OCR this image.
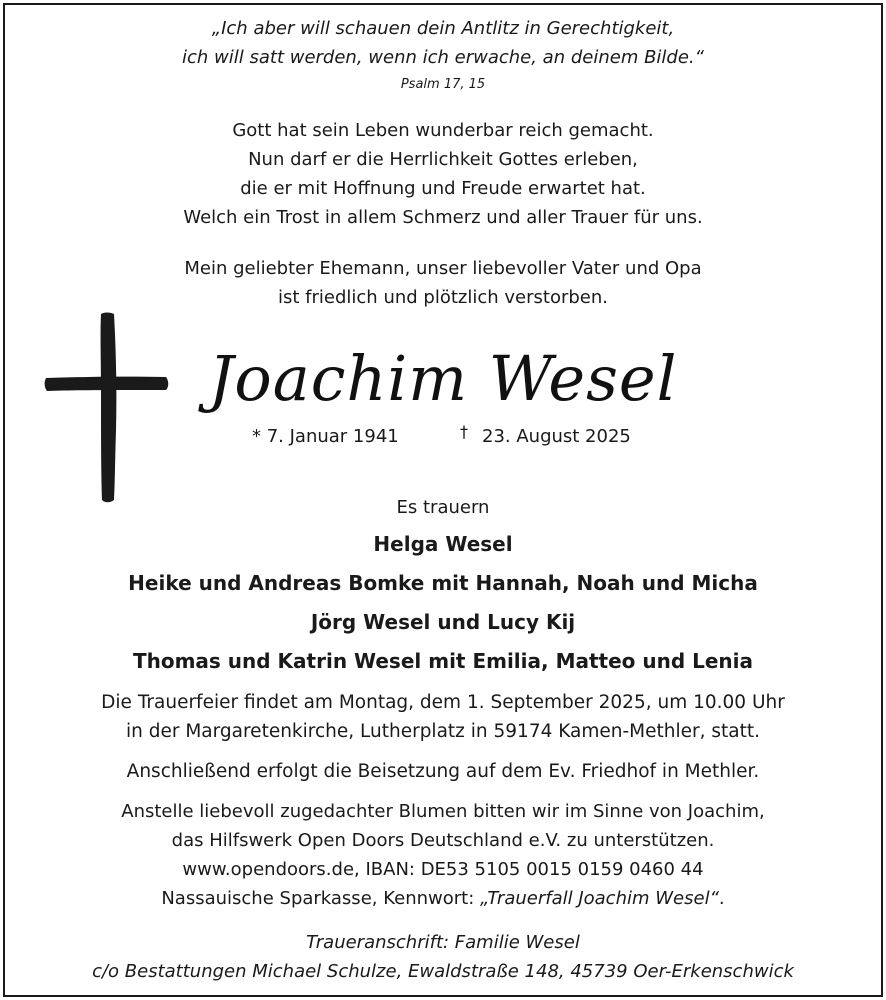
„Ich aber will schauen dein Antlitz in Gerechtigkeit,

ich will satt werden, wenn ich erwache, an deinem Bilde.“

Psalm 17, 15

Gott hat sein Leben wunderbar reich gemacht.

Nun darf er die Herrlichkeit Gottes erleben,

die er mit Hoffnung und Freude erwartet hat.

Welch ein Trost in allem Schmerz und aller Trauer für uns.

Mein geliebter Ehemann, unser liebevoller Vater und Opa

ist friedlich und plötzlich verstorben.

Joachim Wesel
* 7. Januar 1941	† 23. August 2025

Es trauern

Helga Wesel

Heike und Andreas Bomke mit Hannah, Noah und Micha

Jörg Wesel und Lucy Kij

Thomas und Katrin Wesel mit Emilia, Matteo und Lenia

Die Trauerfeier findet am Montag, dem 1. September 2025, um 10.00 Uhr

in der Margaretenkirche, Lutherplatz in 59174 Kamen-Methler, statt.

Anschließend erfolgt die Beisetzung auf dem Ev. Friedhof in Methler.

Anstelle liebevoll zugedachter Blumen bitten wir im Sinne von Joachim,

das Hilfswerk Open Doors Deutschland e.V. zu unterstützen.

www.opendoors.de, IBAN: DE53 5105 0015 0159 0460 44

Nassauische Sparkasse, Kennwort: „Trauerfall Joachim Wesel“.

Traueranschrift: Familie Wesel

c/o Bestattungen Michael Schulze, Ewaldstraße 148, 45739 Oer-Erkenschwick
